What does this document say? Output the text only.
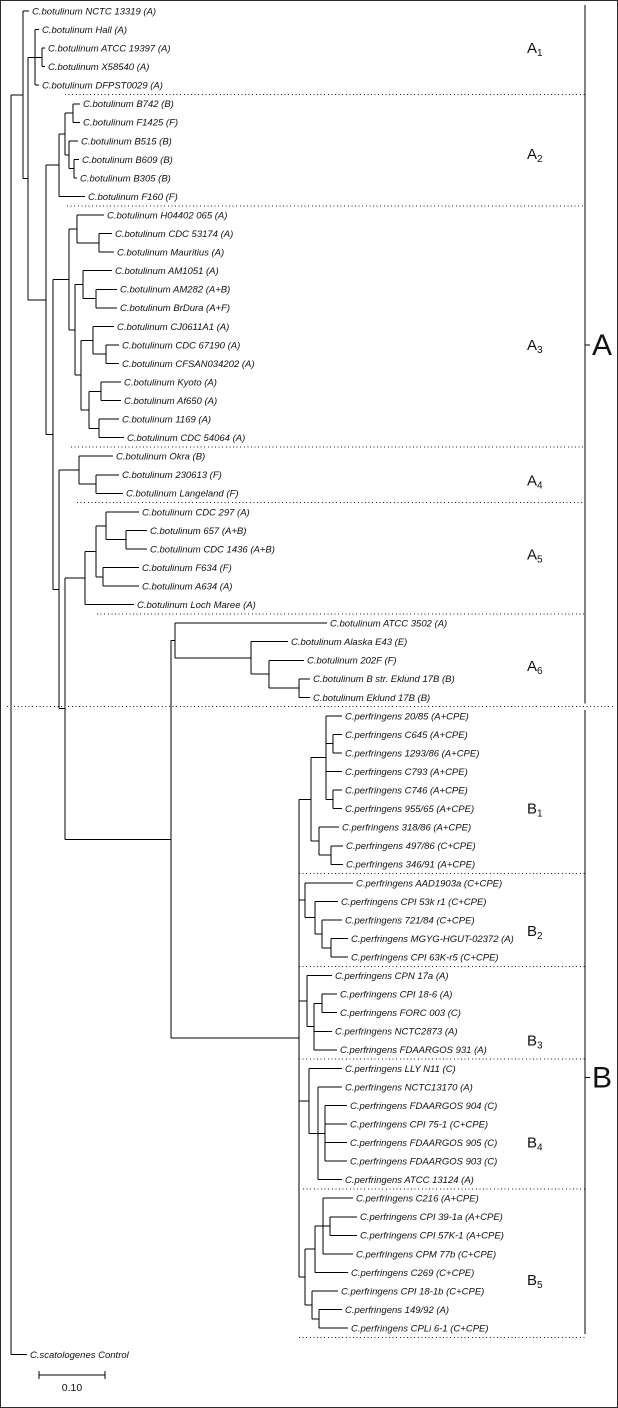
C.botulinum NCTC 13319 (A)
C.botulinum Hall (A)
C.botulinum ATCC 19397 (A)
C.botulinum X58540 (A)
C.botulinum DFPST0029 (A)
C.botulinum B742 (B)
C.botulinum F1425 (F)
C.botulinum B515 (B)
C.botulinum B609 (B)
C.botulinum B305 (B)
C.botulinum F160 (F)
C.botulinum H04402 065 (A)
C.botulinum CDC 53174 (A)
C.botulinum Mauritius (A)
C.botulinum AM1051 (A)
C.botulinum AM282 (A+B)
C.botulinum BrDura (A+F)
C.botulinum CJ0611A1 (A)
C.botulinum CDC 67190 (A)
C.botulinum CFSAN034202 (A)
C.botulinum Kyoto (A)
C.botulinum Af650 (A)
C.botulinum 1169 (A)
C.botulinum CDC 54064 (A)
C.botulinum Okra (B)
C.botulinum 230613 (F)
C.botulinum Langeland (F)
C.botulinum CDC 297 (A)
C.botulinum 657 (A+B)
C.botulinum CDC 1436 (A+B)
C.botulinum F634 (F)
C.botulinum A634 (A)
C.botulinum Loch Maree (A)
C.botulinum ATCC 3502 (A)
C.botulinum Alaska E43 (E)
C.botulinum 202F (F)
C.botulinum B str. Eklund 17B (B)
C.botulinum Eklund 17B (B)
C.perfringens 20/85 (A+CPE)
C.perfringens C645 (A+CPE)
C.perfringens 1293/86 (A+CPE)
C.perfringens C793 (A+CPE)
C.perfringens C746 (A+CPE)
C.perfringens 955/65 (A+CPE)
C.perfringens 318/86 (A+CPE)
C.perfringens 497/86 (C+CPE)
C.perfringens 346/91 (A+CPE)
C.perfringens AAD1903a (C+CPE)
C.perfringens CPI 53k r1 (C+CPE)
C.perfringens 721/84 (C+CPE)
C.perfringens MGYG-HGUT-02372 (A)
C.perfringens CPI 63K-r5 (C+CPE)
C.perfringens CPN 17a (A)
C.perfringens CPI 18-6 (A)
C.perfringens FORC 003 (C)
C.perfringens NCTC2873 (A)
C.perfringens FDAARGOS 931 (A)
C.perfringens LLY N11 (C)
C.perfringens NCTC13170 (A)
C.perfringens FDAARGOS 904 (C)
C.perfringens CPI 75-1 (C+CPE)
C.perfringens FDAARGOS 905 (C)
C.perfringens FDAARGOS 903 (C)
C.perfringens ATCC 13124 (A)
C.perfringens C216 (A+CPE)
C.perfringens CPI 39-1a (A+CPE)
C.perfringens CPI 57K-1 (A+CPE)
C.perfringens CPM 77b (C+CPE)
C.perfringens C269 (C+CPE)
C.perfringens CPI 18-1b (C+CPE)
C.perfringens 149/92 (A)
C.perfringens CPLi 6-1 (C+CPE)
C.scatologenes Control
$A_1$
$A_2$
$A_3$
$A_4$
$A_5$
$A_6$
$B_1$
$B_2$
$B_3$
$B_4$
$B_5$
A
B
0.10
